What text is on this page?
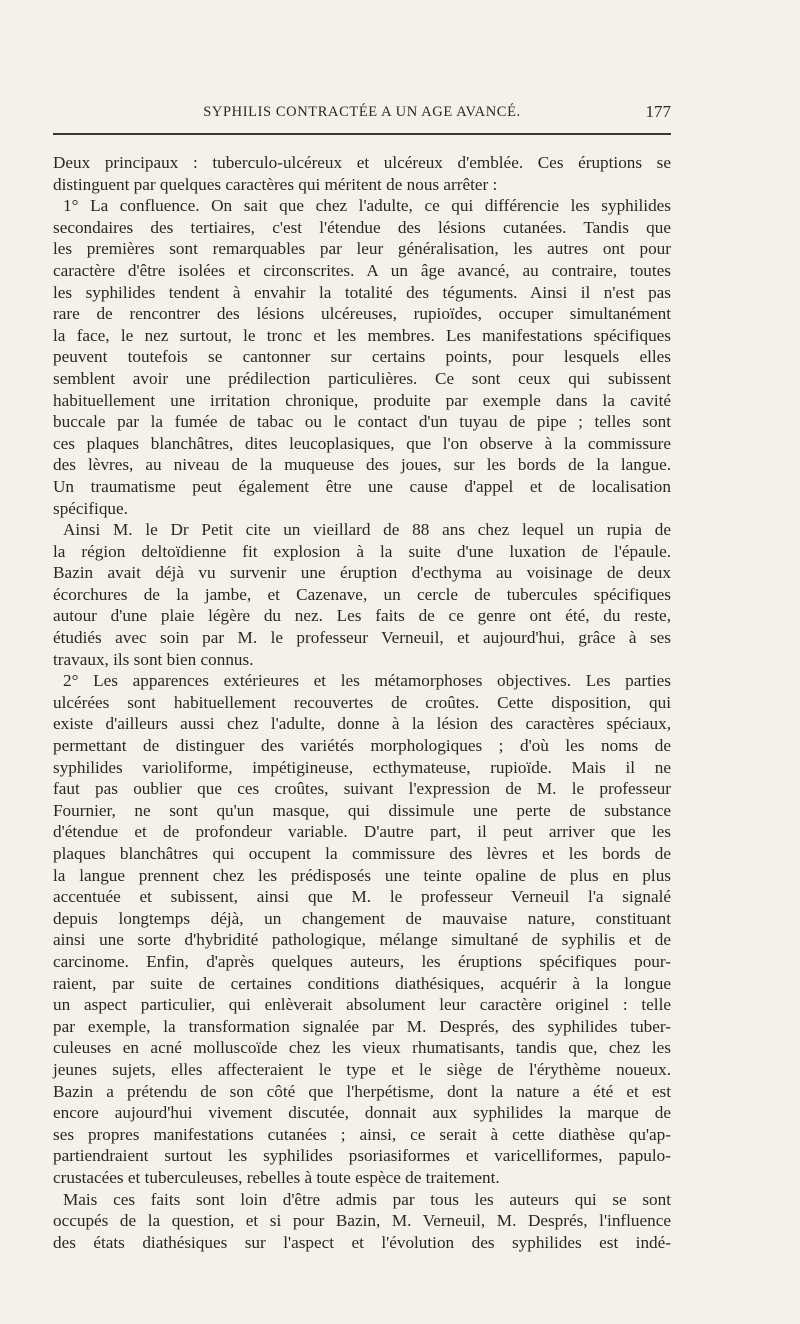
SYPHILIS CONTRACTÉE A UN AGE AVANCÉ.	177
Deux principaux : tuberculo-ulcéreux et ulcéreux d'emblée. Ces éruptions se
distinguent par quelques caractères qui méritent de nous arrêter :
1° La confluence. On sait que chez l'adulte, ce qui différencie les syphilides
secondaires des tertiaires, c'est l'étendue des lésions cutanées. Tandis que
les premières sont remarquables par leur généralisation, les autres ont pour
caractère d'être isolées et circonscrites. A un âge avancé, au contraire, toutes
les syphilides tendent à envahir la totalité des téguments. Ainsi il n'est pas
rare de rencontrer des lésions ulcéreuses, rupioïdes, occuper simultanément
la face, le nez surtout, le tronc et les membres. Les manifestations spécifiques
peuvent toutefois se cantonner sur certains points, pour lesquels elles
semblent avoir une prédilection particulières. Ce sont ceux qui subissent
habituellement une irritation chronique, produite par exemple dans la cavité
buccale par la fumée de tabac ou le contact d'un tuyau de pipe ; telles sont
ces plaques blanchâtres, dites leucoplasiques, que l'on observe à la commissure
des lèvres, au niveau de la muqueuse des joues, sur les bords de la langue.
Un traumatisme peut également être une cause d'appel et de localisation
spécifique.
Ainsi M. le Dr Petit cite un vieillard de 88 ans chez lequel un rupia de
la région deltoïdienne fit explosion à la suite d'une luxation de l'épaule.
Bazin avait déjà vu survenir une éruption d'ecthyma au voisinage de deux
écorchures de la jambe, et Cazenave, un cercle de tubercules spécifiques
autour d'une plaie légère du nez. Les faits de ce genre ont été, du reste,
étudiés avec soin par M. le professeur Verneuil, et aujourd'hui, grâce à ses
travaux, ils sont bien connus.
2° Les apparences extérieures et les métamorphoses objectives. Les parties
ulcérées sont habituellement recouvertes de croûtes. Cette disposition, qui
existe d'ailleurs aussi chez l'adulte, donne à la lésion des caractères spéciaux,
permettant de distinguer des variétés morphologiques ; d'où les noms de
syphilides varioliforme, impétigineuse, ecthymateuse, rupioïde. Mais il ne
faut pas oublier que ces croûtes, suivant l'expression de M. le professeur
Fournier, ne sont qu'un masque, qui dissimule une perte de substance
d'étendue et de profondeur variable. D'autre part, il peut arriver que les
plaques blanchâtres qui occupent la commissure des lèvres et les bords de
la langue prennent chez les prédisposés une teinte opaline de plus en plus
accentuée et subissent, ainsi que M. le professeur Verneuil l'a signalé
depuis longtemps déjà, un changement de mauvaise nature, constituant
ainsi une sorte d'hybridité pathologique, mélange simultané de syphilis et de
carcinome. Enfin, d'après quelques auteurs, les éruptions spécifiques pour-
raient, par suite de certaines conditions diathésiques, acquérir à la longue
un aspect particulier, qui enlèverait absolument leur caractère originel : telle
par exemple, la transformation signalée par M. Després, des syphilides tuber-
culeuses en acné molluscoïde chez les vieux rhumatisants, tandis que, chez les
jeunes sujets, elles affecteraient le type et le siège de l'érythème noueux.
Bazin a prétendu de son côté que l'herpétisme, dont la nature a été et est
encore aujourd'hui vivement discutée, donnait aux syphilides la marque de
ses propres manifestations cutanées ; ainsi, ce serait à cette diathèse qu'ap-
partiendraient surtout les syphilides psoriasiformes et varicelliformes, papulo-
crustacées et tuberculeuses, rebelles à toute espèce de traitement.
Mais ces faits sont loin d'être admis par tous les auteurs qui se sont
occupés de la question, et si pour Bazin, M. Verneuil, M. Després, l'influence
des états diathésiques sur l'aspect et l'évolution des syphilides est indé-
